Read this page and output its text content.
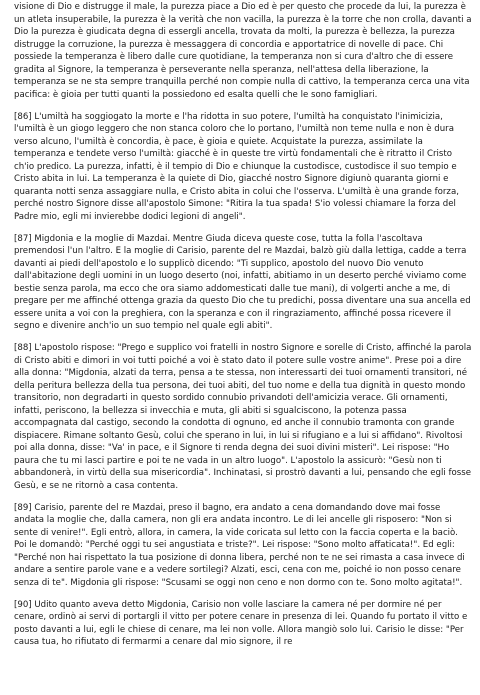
visione di Dio e distrugge il male, la purezza piace a Dio ed è per questo che procede da lui, la purezza è un atleta insuperabile, la purezza è la verità che non vacilla, la purezza è la torre che non crolla, davanti a Dio la purezza è giudicata degna di essergli ancella, trovata da molti, la purezza è bellezza, la purezza distrugge la corruzione, la purezza è messaggera di concordia e apportatrice di novelle di pace. Chi possiede la temperanza è libero dalle cure quotidiane, la temperanza non si cura d'altro che di essere gradita al Signore, la temperanza è perseverante nella speranza, nell'attesa della liberazione, la temperanza se ne sta sempre tranquilla perché non compie nulla di cattivo, la temperanza cerca una vita pacifica: è gioia per tutti quanti la possiedono ed esalta quelli che le sono famigliari.

[86] L'umiltà ha soggiogato la morte e l'ha ridotta in suo potere, l'umiltà ha conquistato l'inimicizia, l'umiltà è un giogo leggero che non stanca coloro che lo portano, l'umiltà non teme nulla e non è dura verso alcuno, l'umiltà è concordia, è pace, è gioia e quiete. Acquistate la purezza, assimilate la temperanza e tendete verso l'umiltà: giacché è in queste tre virtù fondamentali che è ritratto il Cristo ch'io predico. La purezza, infatti, è il tempio di Dio e chiunque la custodisce, custodisce il suo tempio e Cristo abita in lui. La temperanza è la quiete di Dio, giacché nostro Signore digiunò quaranta giorni e quaranta notti senza assaggiare nulla, e Cristo abita in colui che l'osserva. L'umiltà è una grande forza, perché nostro Signore disse all'apostolo Simone: "Ritira la tua spada! S'io volessi chiamare la forza del Padre mio, egli mi invierebbe dodici legioni di angeli".

[87] Migdonia e la moglie di Mazdai. Mentre Giuda diceva queste cose, tutta la folla l'ascoltava premendosi l'un l'altro. E la moglie di Carisio, parente del re Mazdai, balzò giù dalla lettiga, cadde a terra davanti ai piedi dell'apostolo e lo supplicò dicendo: "Ti supplico, apostolo del nuovo Dio venuto dall'abitazione degli uomini in un luogo deserto (noi, infatti, abitiamo in un deserto perché viviamo come bestie senza parola, ma ecco che ora siamo addomesticati dalle tue mani), di volgerti anche a me, di pregare per me affinché ottenga grazia da questo Dio che tu predichi, possa diventare una sua ancella ed essere unita a voi con la preghiera, con la speranza e con il ringraziamento, affinché possa ricevere il segno e divenire anch'io un suo tempio nel quale egli abiti".

[88] L'apostolo rispose: "Prego e supplico voi fratelli in nostro Signore e sorelle di Cristo, affinché la parola di Cristo abiti e dimori in voi tutti poiché a voi è stato dato il potere sulle vostre anime". Prese poi a dire alla donna: "Migdonia, alzati da terra, pensa a te stessa, non interessarti dei tuoi ornamenti transitori, né della peritura bellezza della tua persona, dei tuoi abiti, del tuo nome e della tua dignità in questo mondo transitorio, non degradarti in questo sordido connubio privandoti dell'amicizia verace. Gli ornamenti, infatti, periscono, la bellezza si invecchia e muta, gli abiti si sgualciscono, la potenza passa accompagnata dal castigo, secondo la condotta di ognuno, ed anche il connubio tramonta con grande dispiacere. Rimane soltanto Gesù, colui che sperano in lui, in lui si rifugiano e a lui si affidano". Rivoltosi poi alla donna, disse: "Va' in pace, e il Signore ti renda degna dei suoi divini misteri". Lei rispose: "Ho paura che tu mi lasci partire e poi te ne vada in un altro luogo". L'apostolo la assicurò: "Gesù non ti abbandonerà, in virtù della sua misericordia". Inchinatasi, si prostrò davanti a lui, pensando che egli fosse Gesù, e se ne ritornò a casa contenta.

[89] Carisio, parente del re Mazdai, preso il bagno, era andato a cena domandando dove mai fosse andata la moglie che, dalla camera, non gli era andata incontro. Le di lei ancelle gli risposero: "Non si sente di venire!". Egli entrò, allora, in camera, la vide coricata sul letto con la faccia coperta e la baciò. Poi le domandò: "Perché oggi tu sei angustiata e triste?". Lei rispose: "Sono molto affaticata!". Ed egli: "Perché non hai rispettato la tua posizione di donna libera, perché non te ne sei rimasta a casa invece di andare a sentire parole vane e a vedere sortilegi? Alzati, esci, cena con me, poiché io non posso cenare senza di te". Migdonia gli rispose: "Scusami se oggi non ceno e non dormo con te. Sono molto agitata!".

[90] Udito quanto aveva detto Migdonia, Carisio non volle lasciare la camera né per dormire né per cenare, ordinò ai servi di portargli il vitto per potere cenare in presenza di lei. Quando fu portato il vitto e posto davanti a lui, egli le chiese di cenare, ma lei non volle. Allora mangiò solo lui. Carisio le disse: "Per causa tua, ho rifiutato di fermarmi a cenare dal mio signore, il re
